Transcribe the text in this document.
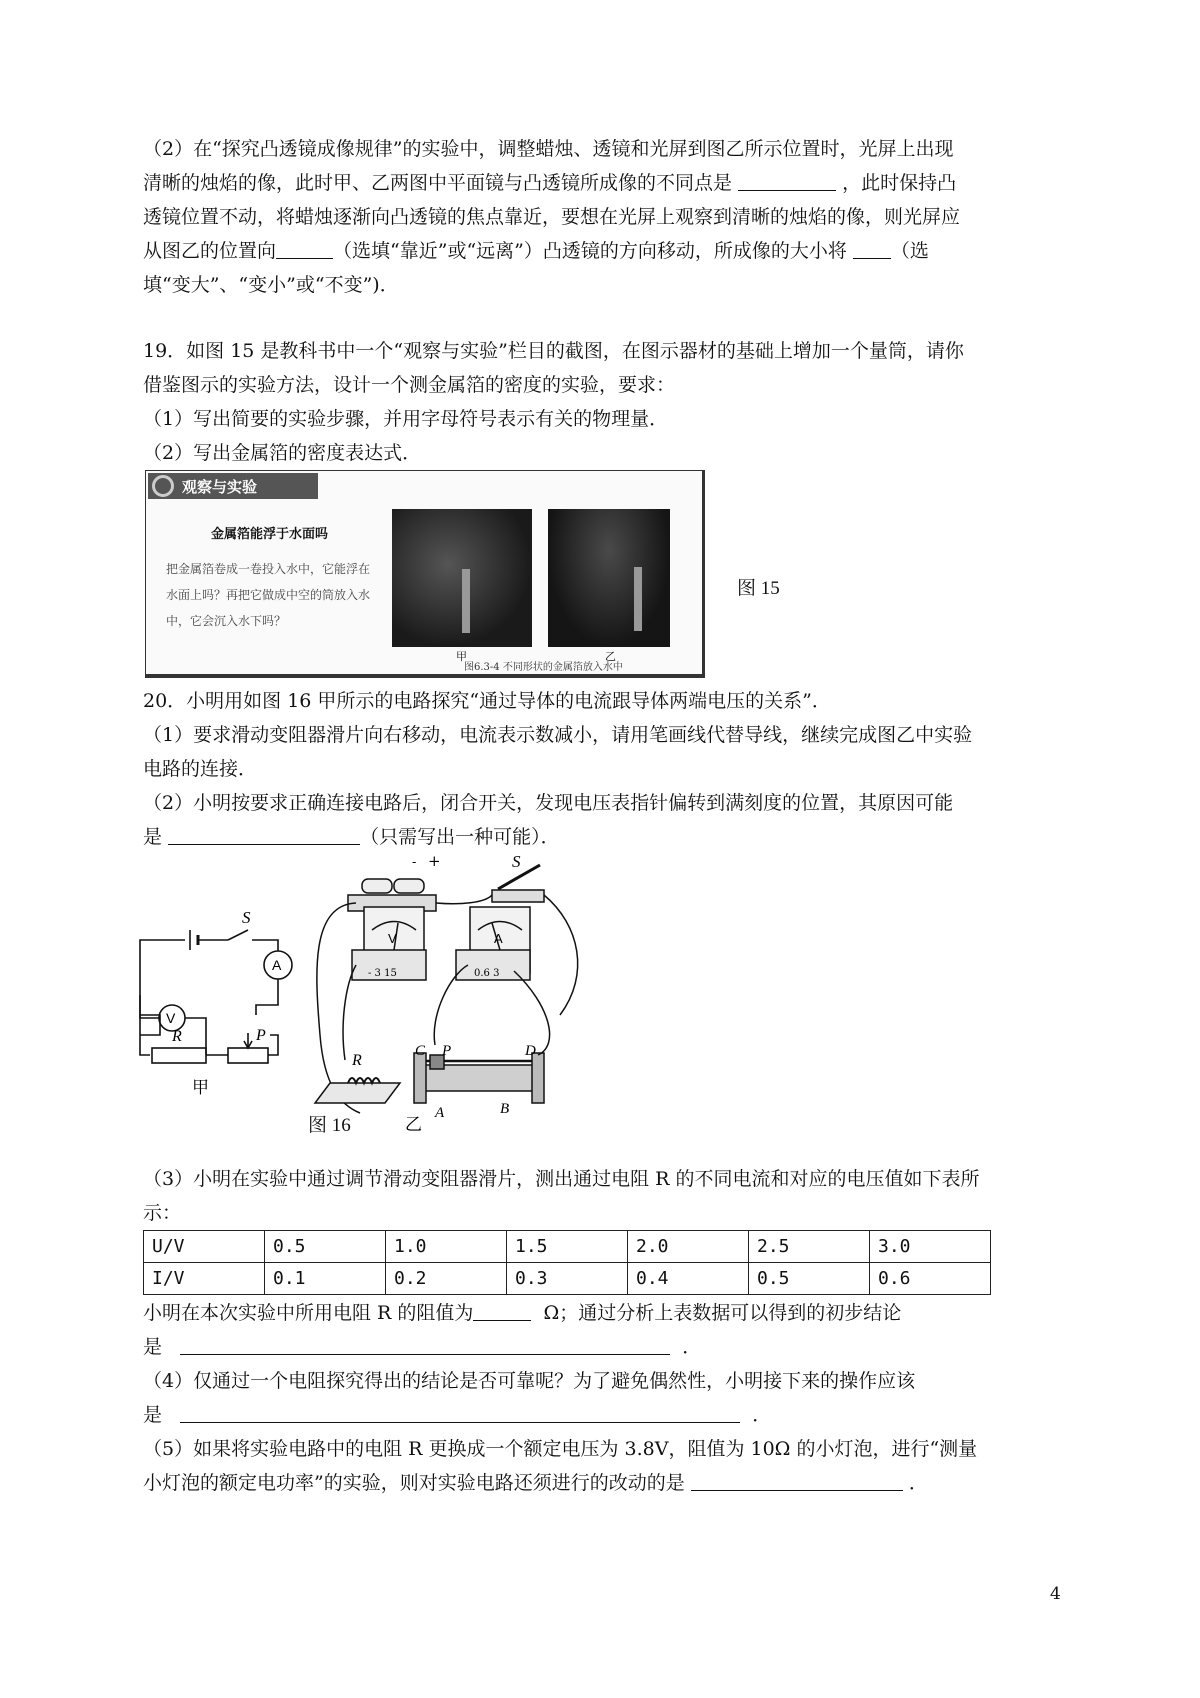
（2）在“探究凸透镜成像规律”的实验中，调整蜡烛、透镜和光屏到图乙所示位置时，光屏上出现
清晰的烛焰的像，此时甲、乙两图中平面镜与凸透镜所成像的不同点是	，此时保持凸
透镜位置不动，将蜡烛逐渐向凸透镜的焦点靠近，要想在光屏上观察到清晰的烛焰的像，则光屏应
从图乙的位置向	（选填“靠近”或“远离”）凸透镜的方向移动，所成像的大小将 （选
填“变大”、“变小”或“不变”)．
19．如图 15 是教科书中一个“观察与实验”栏目的截图，在图示器材的基础上增加一个量筒，请你
借鉴图示的实验方法，设计一个测金属箔的密度的实验，要求：
（1）写出简要的实验步骤，并用字母符号表示有关的物理量．
（2）写出金属箔的密度表达式．
观察与实验
金属箔能浮于水面吗
把金属箔卷成一卷投入水中，它能浮在水面上吗？再把它做成中空的筒放入水中，它会沉入水下吗？
甲	乙
图6.3-4 不同形状的金属箔放入水中
图 15
20．小明用如图 16 甲所示的电路探究“通过导体的电流跟导体两端电压的关系”．
（1）要求滑动变阻器滑片向右移动，电流表示数减小，请用笔画线代替导线，继续完成图乙中实验
电路的连接．
（2）小明按要求正确连接电路后，闭合开关，发现电压表指针偏转到满刻度的位置，其原因可能
是	（只需写出一种可能）．
S
A
V
R	P
甲
- +	S
V	A
- 3 15	0.6 3
R
C P	D
A	B
乙
图 16
（3）小明在实验中通过调节滑动变阻器滑片，测出通过电阻 R 的不同电流和对应的电压值如下表所
示：
U/V	0.5	1.0	1.5	2.0	2.5	3.0
I/V	0.1	0.2	0.3	0.4	0.5	0.6
小明在本次实验中所用电阻 R 的阻值为	Ω；通过分析上表数据可以得到的初步结论
是	．
（4）仅通过一个电阻探究得出的结论是否可靠呢？为了避免偶然性，小明接下来的操作应该
是	．
（5）如果将实验电路中的电阻 R 更换成一个额定电压为 3.8V，阻值为 10Ω 的小灯泡，进行“测量
小灯泡的额定电功率”的实验，则对实验电路还须进行的改动的是	．
4
